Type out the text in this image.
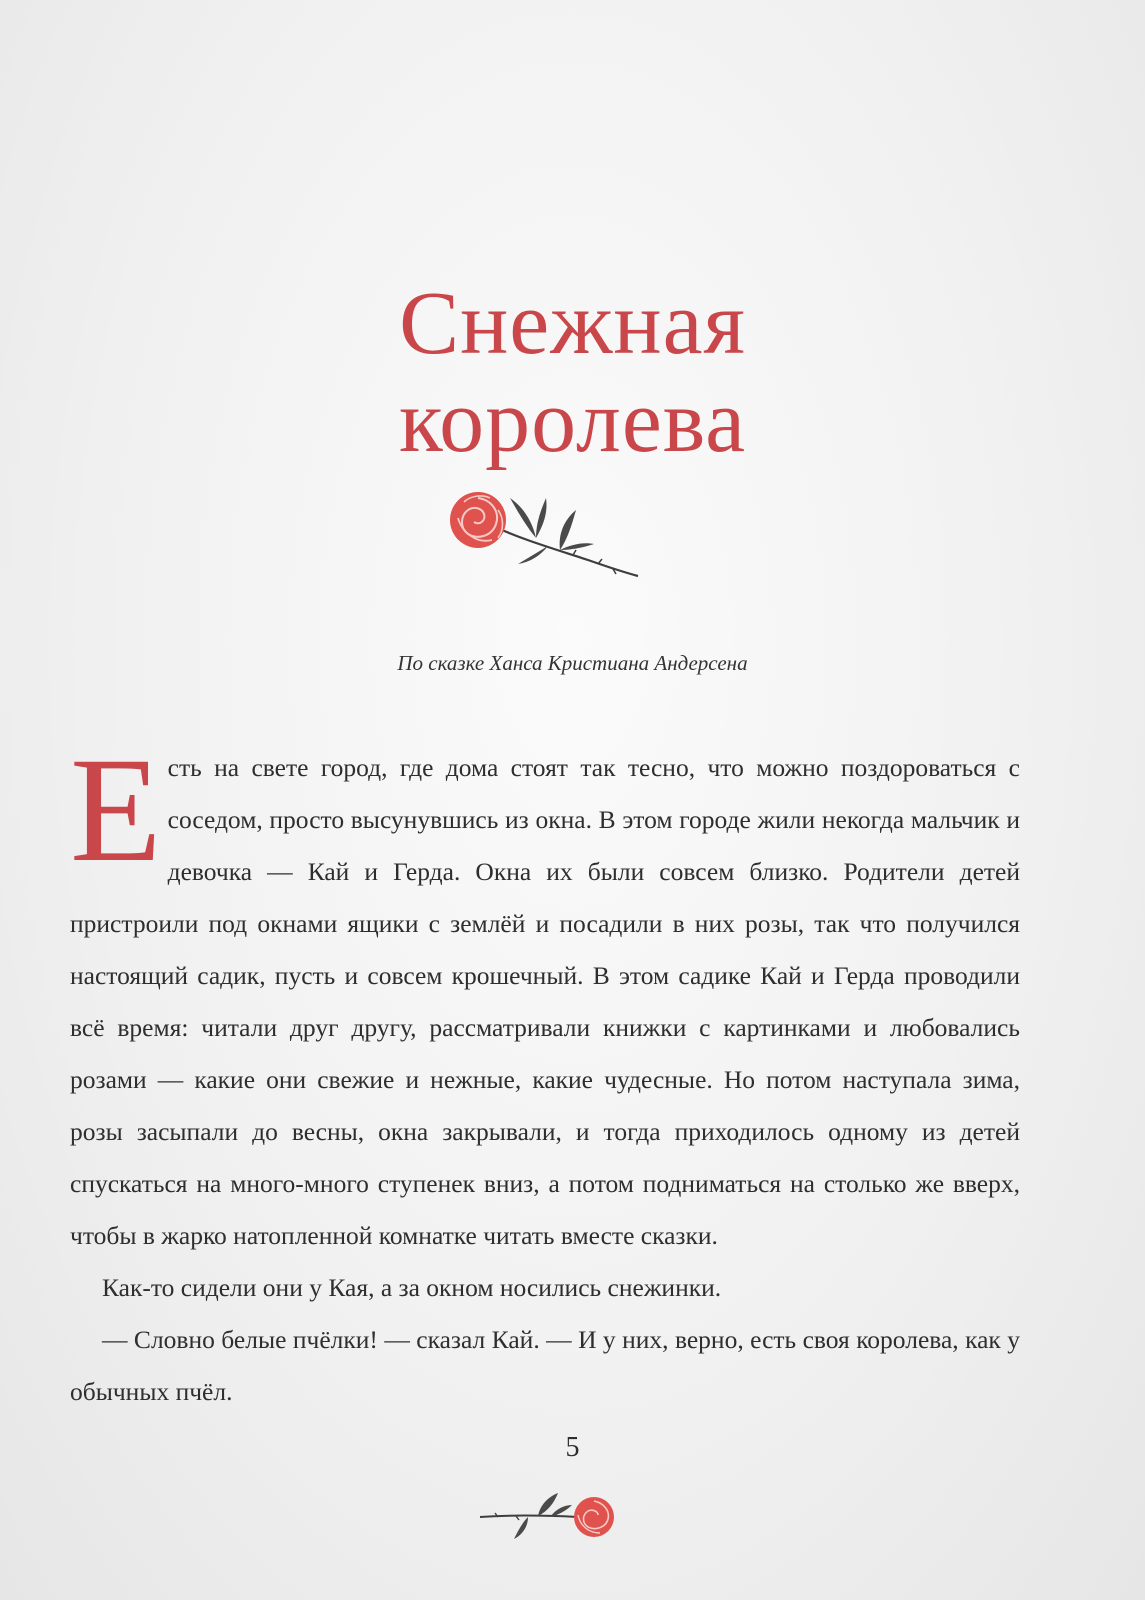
Снежная
королева
По сказке Ханса Кристиана Андерсена

Есть на свете город, где дома стоят так тесно, что можно поздороваться с соседом, просто высунувшись из окна. В этом городе жили некогда мальчик и девочка — Кай и Герда. Окна их были совсем близко. Родители детей пристроили под окнами ящики с землёй и посадили в них розы, так что получился настоящий садик, пусть и совсем крошечный. В этом садике Кай и Герда проводили всё время: читали друг другу, рассматривали книжки с картинками и любовались розами — какие они свежие и нежные, какие чудесные. Но потом наступала зима, розы засыпали до весны, окна закрывали, и тогда приходилось одному из детей спускаться на много-много ступенек вниз, а потом подниматься на столько же вверх, чтобы в жарко натопленной комнатке читать вместе сказки.

Как-то сидели они у Кая, а за окном носились снежинки.

— Словно белые пчёлки! — сказал Кай. — И у них, верно, есть своя королева, как у обычных пчёл.

5
